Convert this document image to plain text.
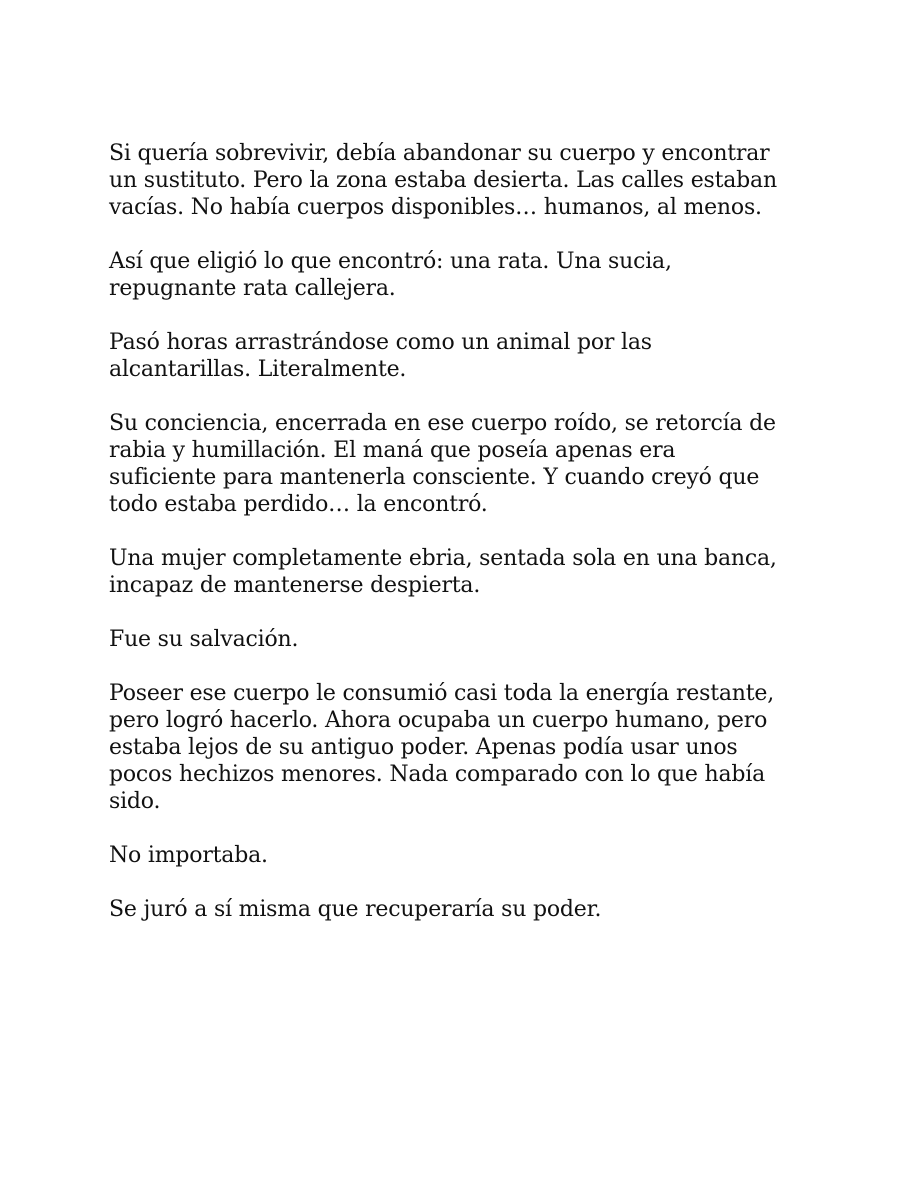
Si quería sobrevivir, debía abandonar su cuerpo y encontrar
un sustituto. Pero la zona estaba desierta. Las calles estaban
vacías. No había cuerpos disponibles… humanos, al menos.

Así que eligió lo que encontró: una rata. Una sucia,
repugnante rata callejera.

Pasó horas arrastrándose como un animal por las
alcantarillas. Literalmente.

Su conciencia, encerrada en ese cuerpo roído, se retorcía de
rabia y humillación. El maná que poseía apenas era
suficiente para mantenerla consciente. Y cuando creyó que
todo estaba perdido… la encontró.

Una mujer completamente ebria, sentada sola en una banca,
incapaz de mantenerse despierta.

Fue su salvación.

Poseer ese cuerpo le consumió casi toda la energía restante,
pero logró hacerlo. Ahora ocupaba un cuerpo humano, pero
estaba lejos de su antiguo poder. Apenas podía usar unos
pocos hechizos menores. Nada comparado con lo que había
sido.

No importaba.

Se juró a sí misma que recuperaría su poder.
